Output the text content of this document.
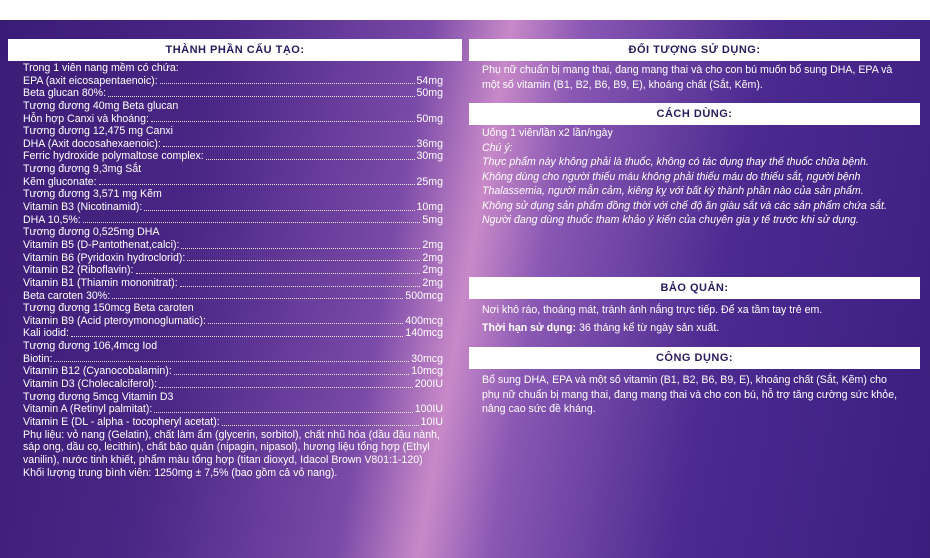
THÀNH PHẦN CẤU TẠO:	ĐỐI TƯỢNG SỬ DỤNG:
CÁCH DÙNG:
BẢO QUẢN:
CÔNG DỤNG:
Trong 1 viên nang mềm có chứa:
EPA (axit eicosapentaenoic):	54mg
Beta glucan 80%:	50mg
Tương đương 40mg Beta glucan
Hỗn hợp Canxi và khoáng:	50mg
Tương đương 12,475 mg Canxi
DHA (Axit docosahexaenoic):	36mg
Ferric hydroxide polymaltose complex:	30mg
Tương đương 9,3mg Sắt
Kẽm gluconate:	25mg
Tương đương 3,571 mg Kẽm
Vitamin B3 (Nicotinamid):	10mg
DHA 10,5%:	5mg
Tương đương 0,525mg DHA
Vitamin B5 (D-Pantothenat,calci):	2mg
Vitamin B6 (Pyridoxin hydroclorid):	2mg
Vitamin B2 (Riboflavin):	2mg
Vitamin B1 (Thiamin mononitrat):	2mg
Beta caroten 30%:	500mcg
Tương đương 150mcg Beta caroten
Vitamin B9 (Acid pteroymonoglumatic):	400mcg
Kali iodid:	140mcg
Tương đương 106,4mcg Iod
Biotin:	30mcg
Vitamin B12 (Cyanocobalamin):	10mcg
Vitamin D3 (Cholecalciferol):	200IU
Tương đương 5mcg Vitamin D3
Vitamin A (Retinyl palmitat):	100IU
Vitamin E (DL - alpha - tocopheryl acetat):	10IU
Phụ liệu: vỏ nang (Gelatin), chất làm ẩm (glycerin, sorbitol), chất nhũ hóa (dầu đậu nành, sáp ong, dầu cọ, lecithin), chất bảo quản (nipagin, nipasol), hương liệu tổng hợp (Ethyl vanilin), nước tinh khiết, phẩm màu tổng hợp (titan dioxyd, Idacol Brown V801:1-120)
Khối lượng trung bình viên: 1250mg ± 7,5% (bao gồm cả vỏ nang).
Phụ nữ chuẩn bị mang thai, đang mang thai và cho con bú muốn bổ sung DHA, EPA và một số vitamin (B1, B2, B6, B9, E), khoáng chất (Sắt, Kẽm).
Uống 1 viên/lần x2 lần/ngày
Chú ý:
Thực phẩm này không phải là thuốc, không có tác dụng thay thế thuốc chữa bệnh.
Không dùng cho người thiếu máu không phải thiếu máu do thiếu sắt, người bệnh Thalassemia, người mẫn cảm, kiêng kỵ với bất kỳ thành phần nào của sản phẩm.
Không sử dụng sản phẩm đồng thời với chế độ ăn giàu sắt và các sản phẩm chứa sắt.
Người đang dùng thuốc tham khảo ý kiến của chuyên gia y tế trước khi sử dụng.
Nơi khô ráo, thoáng mát, tránh ánh nắng trực tiếp. Để xa tầm tay trẻ em.
Thời hạn sử dụng: 36 tháng kể từ ngày sản xuất.
Bổ sung DHA, EPA và một số vitamin (B1, B2, B6, B9, E), khoáng chất (Sắt, Kẽm) cho phụ nữ chuẩn bị mang thai, đang mang thai và cho con bú, hỗ trợ tăng cường sức khỏe, nâng cao sức đề kháng.
